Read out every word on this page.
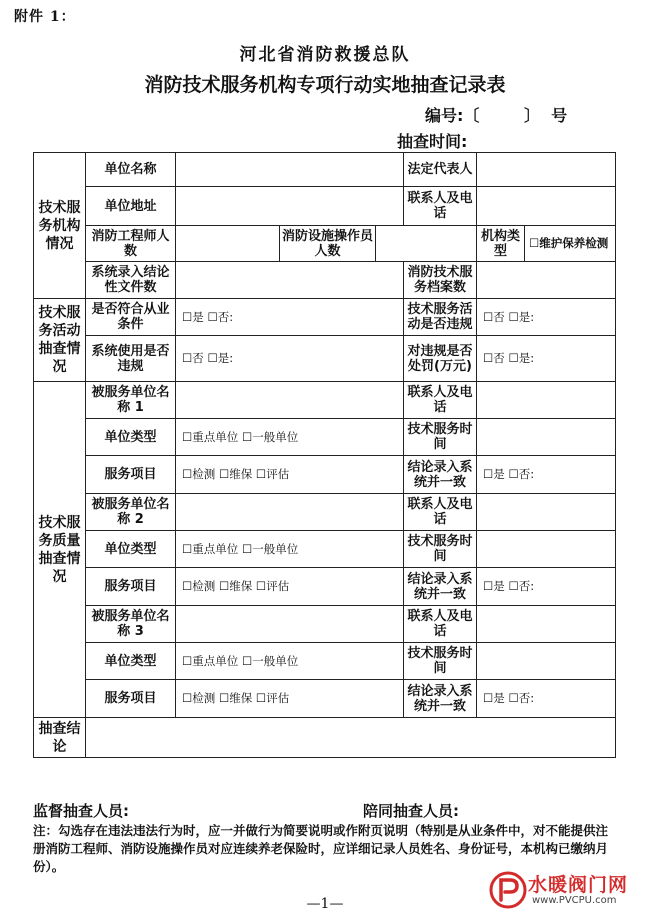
附件 1：
河北省消防救援总队
消防技术服务机构专项行动实地抽查记录表
编号:〔        〕  号
抽查时间:
技术服务机构情况	单位名称				法定代表人		
	单位地址				联系人及电话		
	消防工程师人数		消防设施操作员人数			机构类型	☐维护保养检测
	系统录入结论性文件数				消防技术服务档案数		
技术服务活动抽查情况	是否符合从业条件	☐是 ☐否:			技术服务活动是否违规	☐否 ☐是:	
	系统使用是否违规	☐否 ☐是:			对违规是否处罚(万元)	☐否 ☐是:	
技术服务质量抽查情况	被服务单位名称 1				联系人及电话		
	单位类型	☐重点单位 ☐一般单位			技术服务时间		
	服务项目	☐检测 ☐维保 ☐评估			结论录入系统并一致	☐是 ☐否:	
	被服务单位名称 2				联系人及电话		
	单位类型	☐重点单位 ☐一般单位			技术服务时间		
	服务项目	☐检测 ☐维保 ☐评估			结论录入系统并一致	☐是 ☐否:	
	被服务单位名称 3				联系人及电话		
	单位类型	☐重点单位 ☐一般单位			技术服务时间		
	服务项目	☐检测 ☐维保 ☐评估			结论录入系统并一致	☐是 ☐否:	
抽查结论							
监督抽查人员:	陪同抽查人员:
注：勾选存在违法违法行为时，应一并做行为简要说明或作附页说明（特别是从业条件中，对不能提供注册消防工程师、消防设施操作员对应连续养老保险时，应详细记录人员姓名、身份证号，本机构已缴纳月份）。
—1—
水暖阀门网
www.PVCPU.com
